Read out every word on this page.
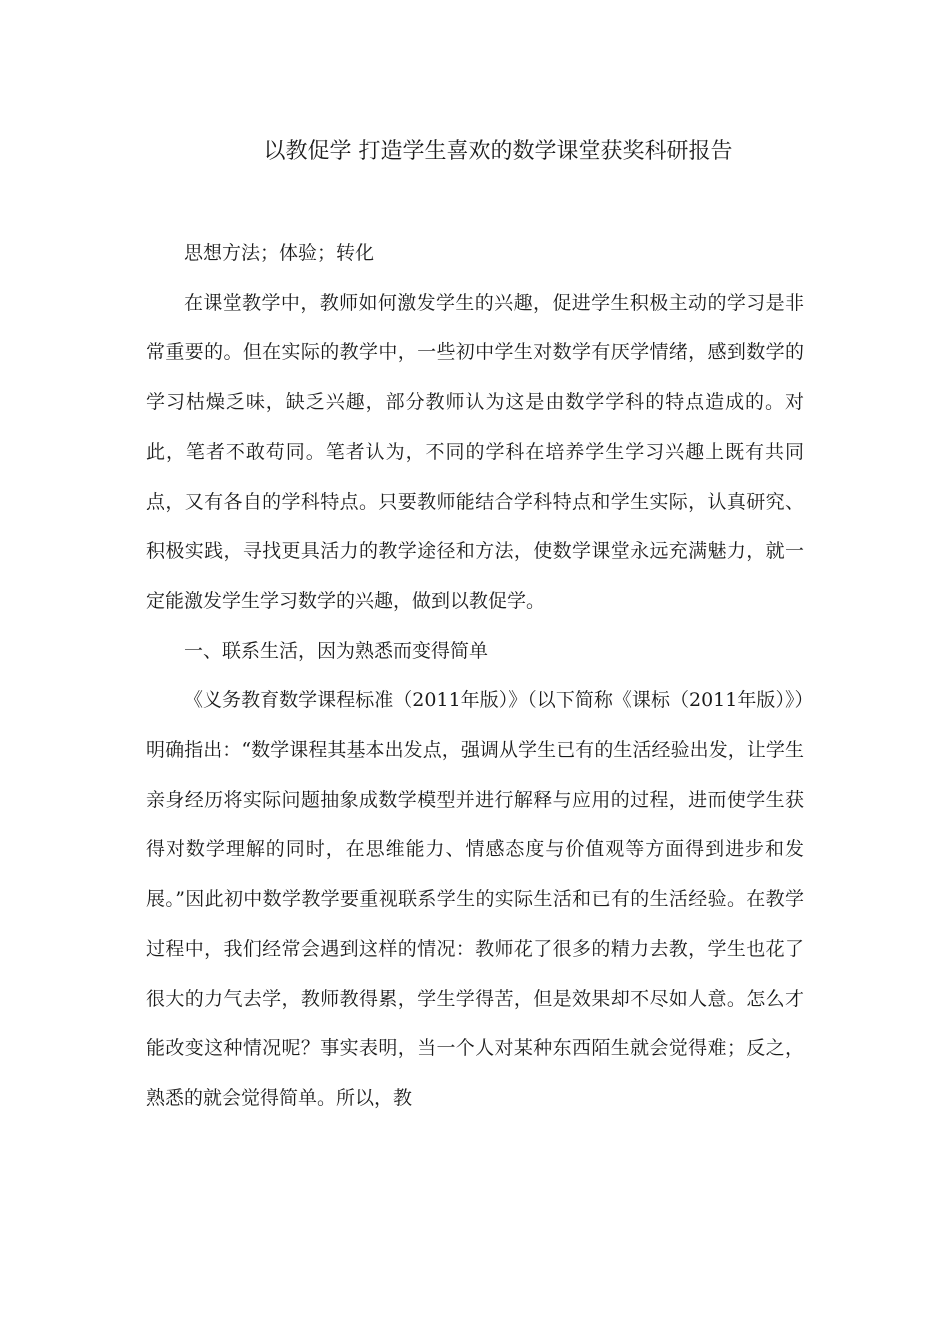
以教促学 打造学生喜欢的数学课堂获奖科研报告

思想方法；体验；转化

在课堂教学中，教师如何激发学生的兴趣，促进学生积极主动的学习是非常重要的。但在实际的教学中，一些初中学生对数学有厌学情绪，感到数学的学习枯燥乏味，缺乏兴趣，部分教师认为这是由数学学科的特点造成的。对此，笔者不敢苟同。笔者认为，不同的学科在培养学生学习兴趣上既有共同点，又有各自的学科特点。只要教师能结合学科特点和学生实际，认真研究、积极实践，寻找更具活力的教学途径和方法，使数学课堂永远充满魅力，就一定能激发学生学习数学的兴趣，做到以教促学。

一、联系生活，因为熟悉而变得简单

《义务教育数学课程标准（2011年版）》（以下简称《课标（2011年版）》）明确指出：“数学课程其基本出发点，强调从学生已有的生活经验出发，让学生亲身经历将实际问题抽象成数学模型并进行解释与应用的过程，进而使学生获得对数学理解的同时，在思维能力、情感态度与价值观等方面得到进步和发展。”因此初中数学教学要重视联系学生的实际生活和已有的生活经验。在教学过程中，我们经常会遇到这样的情况：教师花了很多的精力去教，学生也花了很大的力气去学，教师教得累，学生学得苦，但是效果却不尽如人意。怎么才能改变这种情况呢？事实表明，当一个人对某种东西陌生就会觉得难；反之，熟悉的就会觉得简单。所以，教
